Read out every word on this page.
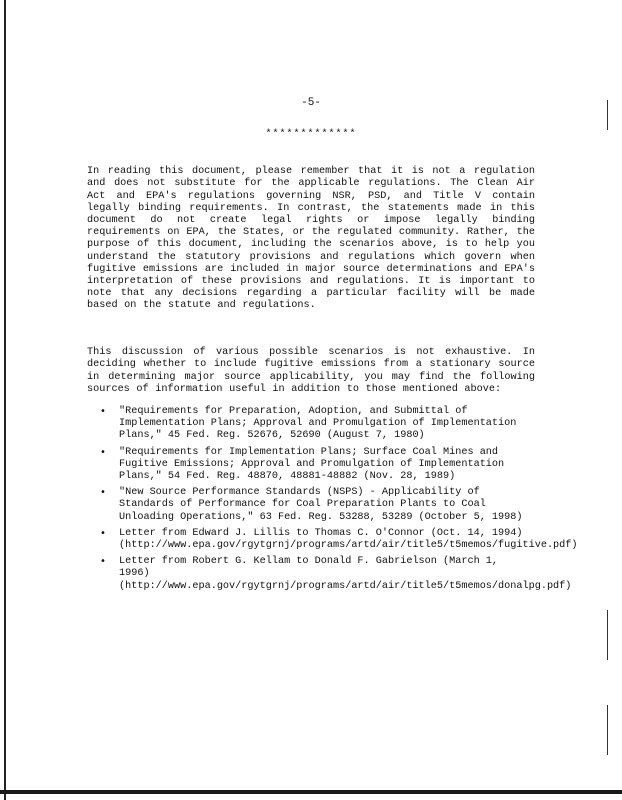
-5-
*************

In reading this document, please remember that it is not a regulation and does not substitute for the applicable regulations. The Clean Air Act and EPA's regulations governing NSR, PSD, and Title V contain legally binding requirements. In contrast, the statements made in this document do not create legal rights or impose legally binding requirements on EPA, the States, or the regulated community. Rather, the purpose of this document, including the scenarios above, is to help you understand the statutory provisions and regulations which govern when fugitive emissions are included in major source determinations and EPA's interpretation of these provisions and regulations. It is important to note that any decisions regarding a particular facility will be made based on the statute and regulations.

This discussion of various possible scenarios is not exhaustive. In deciding whether to include fugitive emissions from a stationary source in determining major source applicability, you may find the following sources of information useful in addition to those mentioned above:

• "Requirements for Preparation, Adoption, and Submittal of Implementation Plans; Approval and Promulgation of Implementation Plans," 45 Fed. Reg. 52676, 52690 (August 7, 1980)
• "Requirements for Implementation Plans; Surface Coal Mines and Fugitive Emissions; Approval and Promulgation of Implementation Plans," 54 Fed. Reg. 48870, 48881-48882 (Nov. 28, 1989)
• "New Source Performance Standards (NSPS) - Applicability of Standards of Performance for Coal Preparation Plants to Coal Unloading Operations," 63 Fed. Reg. 53288, 53289 (October 5, 1998)
• Letter from Edward J. Lillis to Thomas C. O'Connor (Oct. 14, 1994) (http://www.epa.gov/rgytgrnj/programs/artd/air/title5/t5memos/fugitive.pdf)
• Letter from Robert G. Kellam to Donald F. Gabrielson (March 1, 1996) (http://www.epa.gov/rgytgrnj/programs/artd/air/title5/t5memos/donalpg.pdf)
